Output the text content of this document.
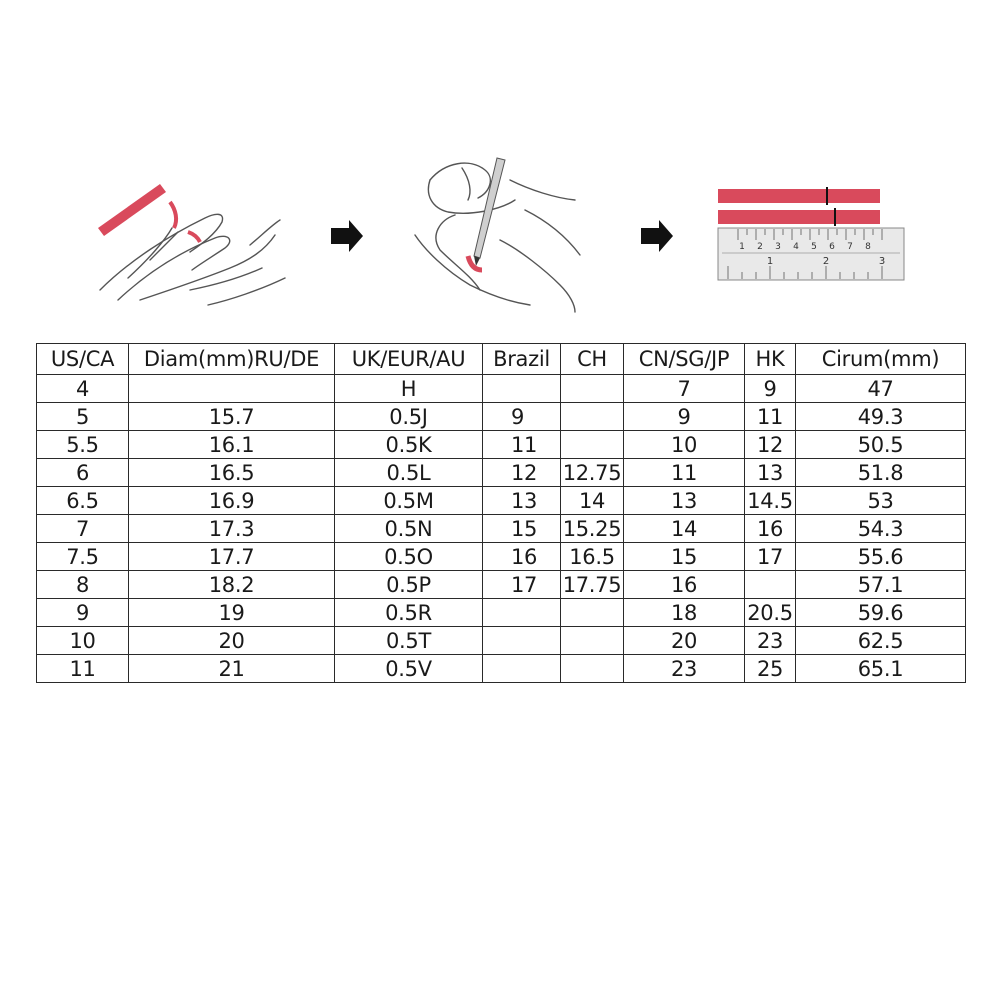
1 2 3 4 5 6 7 8
1	2	3
US/CA	Diam(mm)RU/DE	UK/EUR/AU	Brazil	CH	CN/SG/JP	HK	Cirum(mm)
4		H			7	9	47
5	15.7	0.5J	9		9	11	49.3
5.5	16.1	0.5K	11		10	12	50.5
6	16.5	0.5L	12	12.75	11	13	51.8
6.5	16.9	0.5M	13	14	13	14.5	53
7	17.3	0.5N	15	15.25	14	16	54.3
7.5	17.7	0.5O	16	16.5	15	17	55.6
8	18.2	0.5P	17	17.75	16		57.1
9	19	0.5R			18	20.5	59.6
10	20	0.5T			20	23	62.5
11	21	0.5V			23	25	65.1
